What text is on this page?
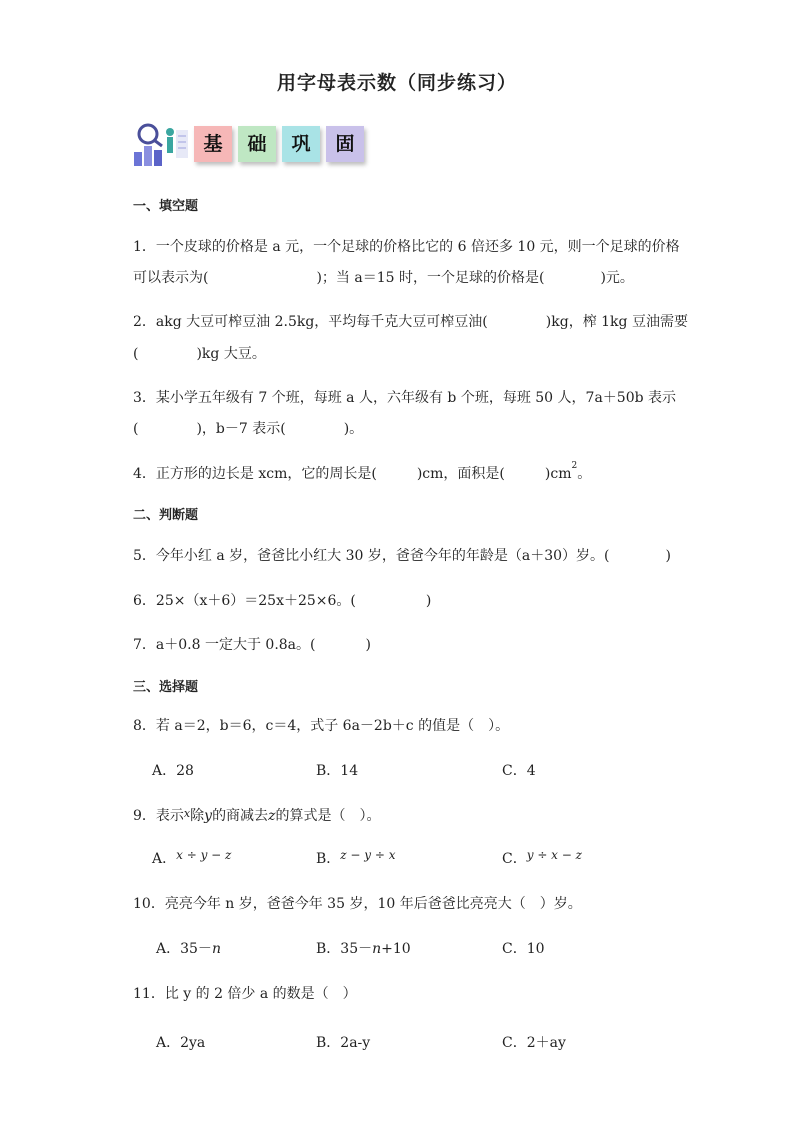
用字母表示数（同步练习）
基	础	巩	固
一、填空题
1．一个皮球的价格是 a 元，一个足球的价格比它的 6 倍还多 10 元，则一个足球的价格
可以表示为(	)；当 a＝15 时，一个足球的价格是(	)元。
2．akg 大豆可榨豆油 2.5kg，平均每千克大豆可榨豆油(	)kg，榨 1kg 豆油需要
(	)kg 大豆。
3．某小学五年级有 7 个班，每班 a 人，六年级有 b 个班，每班 50 人，7a＋50b 表示
(	)，b－7 表示(	)。
4．正方形的边长是 xcm，它的周长是(	)cm，面积是(	)$cm^2$。
二、判断题
5．今年小红 a 岁，爸爸比小红大 30 岁，爸爸今年的年龄是（a＋30）岁。(	)
6．25×（x＋6）＝25x＋25×6。(	)
7．a＋0.8 一定大于 0.8a。(	)
三、选择题
8．若 a＝2，b＝6，c＝4，式子 6a－2b＋c 的值是（　）。
A．28	B．14	C．4
9．表示$^x$除y的商减去z的算式是（　）。
A．x ÷ y − z	B．z − y ÷ x	C．y ÷ x − z
10．亮亮今年 n 岁，爸爸今年 35 岁，10 年后爸爸比亮亮大（　）岁。
A．35－n	B．35－n+10	C．10
11．比 y 的 2 倍少 a 的数是（　）
A．2ya	B．2a-y	C．2＋ay
